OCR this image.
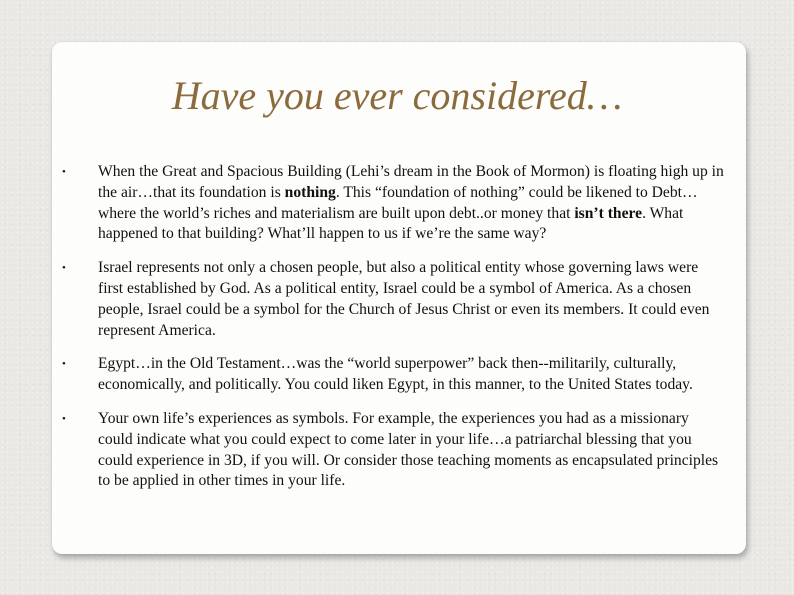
Have you ever considered…
• When the Great and Spacious Building (Lehi’s dream in the Book of Mormon) is floating high up in the air…that its foundation is nothing. This “foundation of nothing” could be likened to Debt…where the world’s riches and materialism are built upon debt..or money that isn’t there. What happened to that building? What’ll happen to us if we’re the same way?
• Israel represents not only a chosen people, but also a political entity whose governing laws were first established by God. As a political entity, Israel could be a symbol of America. As a chosen people, Israel could be a symbol for the Church of Jesus Christ or even its members. It could even represent America.
• Egypt…in the Old Testament…was the “world superpower” back then--militarily, culturally, economically, and politically. You could liken Egypt, in this manner, to the United States today.
• Your own life’s experiences as symbols. For example, the experiences you had as a missionary could indicate what you could expect to come later in your life…a patriarchal blessing that you could experience in 3D, if you will. Or consider those teaching moments as encapsulated principles to be applied in other times in your life.
